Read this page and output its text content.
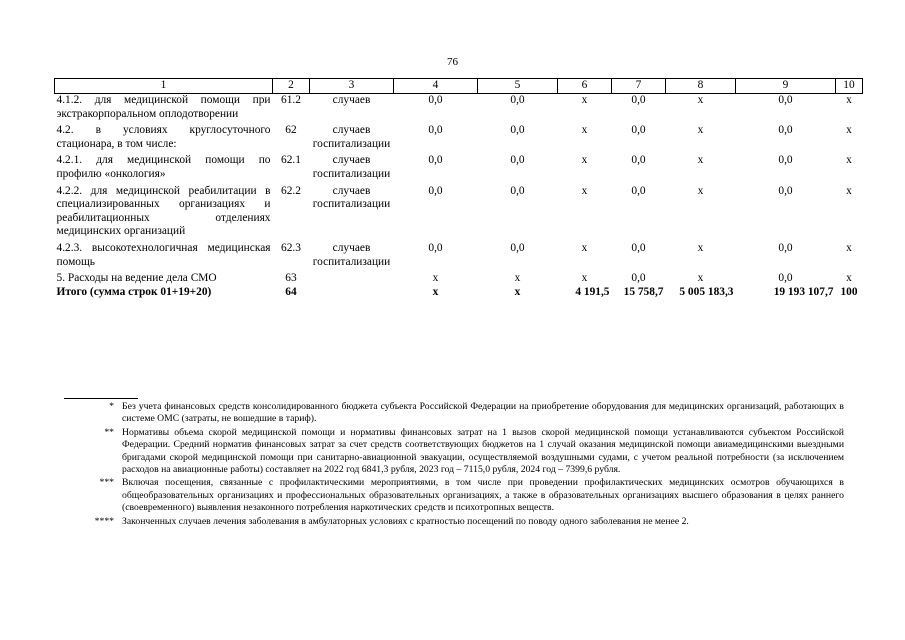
76
1	2	3	4	5	6	7	8	9	10
4.1.2. для медицинской помощи при экстракорпоральном оплодотворении	61.2	случаев	0,0	0,0	х	0,0	х	0,0	х
4.2. в условиях круглосуточного стационара, в том числе:	62	случаев госпитализации	0,0	0,0	х	0,0	х	0,0	х
4.2.1. для медицинской помощи по профилю «онкология»	62.1	случаев госпитализации	0,0	0,0	х	0,0	х	0,0	х
4.2.2. для медицинской реабилитации в специализированных организациях и реабилитационных отделениях медицинских организаций	62.2	случаев госпитализации	0,0	0,0	х	0,0	х	0,0	х
4.2.3. высокотехнологичная медицинская помощь	62.3	случаев госпитализации	0,0	0,0	х	0,0	х	0,0	х
5. Расходы на ведение дела СМО	63		х	х	х	0,0	х	0,0	х
Итого (сумма строк 01+19+20)	64		х	х	4 191,5	15 758,7	5 005 183,3	19 193 107,7	100
* Без учета финансовых средств консолидированного бюджета субъекта Российской Федерации на приобретение оборудования для медицинских организаций, работающих в системе ОМС (затраты, не вошедшие в тариф).
** Нормативы объема скорой медицинской помощи и нормативы финансовых затрат на 1 вызов скорой медицинской помощи устанавливаются субъектом Российской Федерации. Средний норматив финансовых затрат за счет средств соответствующих бюджетов на 1 случай оказания медицинской помощи авиамедицинскими выездными бригадами скорой медицинской помощи при санитарно-авиационной эвакуации, осуществляемой воздушными судами, с учетом реальной потребности (за исключением расходов на авиационные работы) составляет на 2022 год 6841,3 рубля, 2023 год – 7115,0 рубля, 2024 год – 7399,6 рубля.
*** Включая посещения, связанные с профилактическими мероприятиями, в том числе при проведении профилактических медицинских осмотров обучающихся в общеобразовательных организациях и профессиональных образовательных организациях, а также в образовательных организациях высшего образования в целях раннего (своевременного) выявления незаконного потребления наркотических средств и психотропных веществ.
**** Законченных случаев лечения заболевания в амбулаторных условиях с кратностью посещений по поводу одного заболевания не менее 2.
